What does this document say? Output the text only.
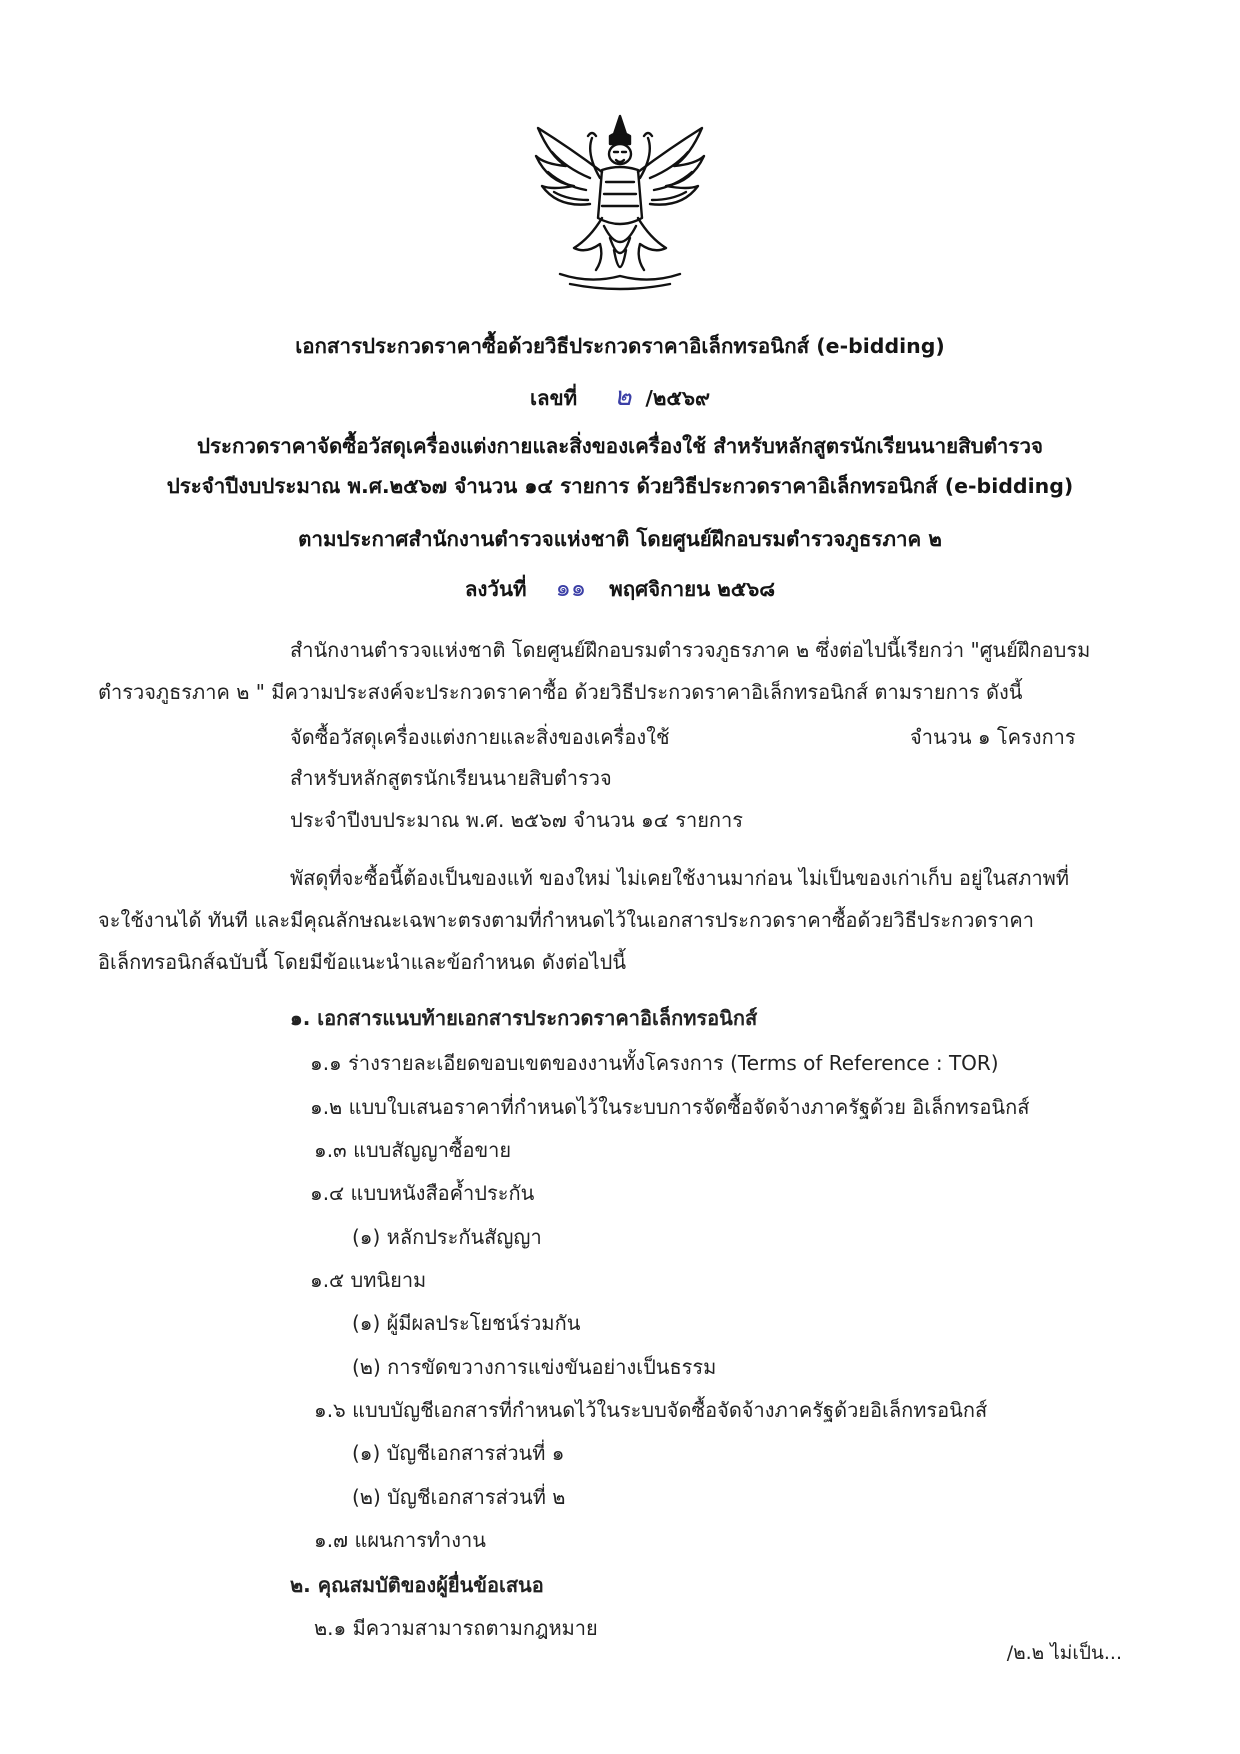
เอกสารประกวดราคาซื้อด้วยวิธีประกวดราคาอิเล็กทรอนิกส์ (e-bidding)
เลขที่ ๒ /๒๕๖๙
ประกวดราคาจัดซื้อวัสดุเครื่องแต่งกายและสิ่งของเครื่องใช้ สำหรับหลักสูตรนักเรียนนายสิบตำรวจ
ประจำปีงบประมาณ พ.ศ.๒๕๖๗ จำนวน ๑๔ รายการ ด้วยวิธีประกวดราคาอิเล็กทรอนิกส์ (e-bidding)
ตามประกาศสำนักงานตำรวจแห่งชาติ โดยศูนย์ฝึกอบรมตำรวจภูธรภาค ๒
ลงวันที่ ๑๑ พฤศจิกายน ๒๕๖๘
สำนักงานตำรวจแห่งชาติ โดยศูนย์ฝึกอบรมตำรวจภูธรภาค ๒ ซึ่งต่อไปนี้เรียกว่า "ศูนย์ฝึกอบรม
ตำรวจภูธรภาค ๒ " มีความประสงค์จะประกวดราคาซื้อ ด้วยวิธีประกวดราคาอิเล็กทรอนิกส์ ตามรายการ ดังนี้
จัดซื้อวัสดุเครื่องแต่งกายและสิ่งของเครื่องใช้	จำนวน ๑ โครงการ
สำหรับหลักสูตรนักเรียนนายสิบตำรวจ
ประจำปีงบประมาณ พ.ศ. ๒๕๖๗ จำนวน ๑๔ รายการ
พัสดุที่จะซื้อนี้ต้องเป็นของแท้ ของใหม่ ไม่เคยใช้งานมาก่อน ไม่เป็นของเก่าเก็บ อยู่ในสภาพที่
จะใช้งานได้ ทันที และมีคุณลักษณะเฉพาะตรงตามที่กำหนดไว้ในเอกสารประกวดราคาซื้อด้วยวิธีประกวดราคา
อิเล็กทรอนิกส์ฉบับนี้ โดยมีข้อแนะนำและข้อกำหนด ดังต่อไปนี้
๑. เอกสารแนบท้ายเอกสารประกวดราคาอิเล็กทรอนิกส์
๑.๑ ร่างรายละเอียดขอบเขตของงานทั้งโครงการ (Terms of Reference : TOR)
๑.๒ แบบใบเสนอราคาที่กำหนดไว้ในระบบการจัดซื้อจัดจ้างภาครัฐด้วย อิเล็กทรอนิกส์
๑.๓ แบบสัญญาซื้อขาย
๑.๔ แบบหนังสือค้ำประกัน
(๑) หลักประกันสัญญา
๑.๕ บทนิยาม
(๑) ผู้มีผลประโยชน์ร่วมกัน
(๒) การขัดขวางการแข่งขันอย่างเป็นธรรม
๑.๖ แบบบัญชีเอกสารที่กำหนดไว้ในระบบจัดซื้อจัดจ้างภาครัฐด้วยอิเล็กทรอนิกส์
(๑) บัญชีเอกสารส่วนที่ ๑
(๒) บัญชีเอกสารส่วนที่ ๒
๑.๗ แผนการทำงาน
๒. คุณสมบัติของผู้ยื่นข้อเสนอ
๒.๑ มีความสามารถตามกฎหมาย
/๒.๒ ไม่เป็น...
